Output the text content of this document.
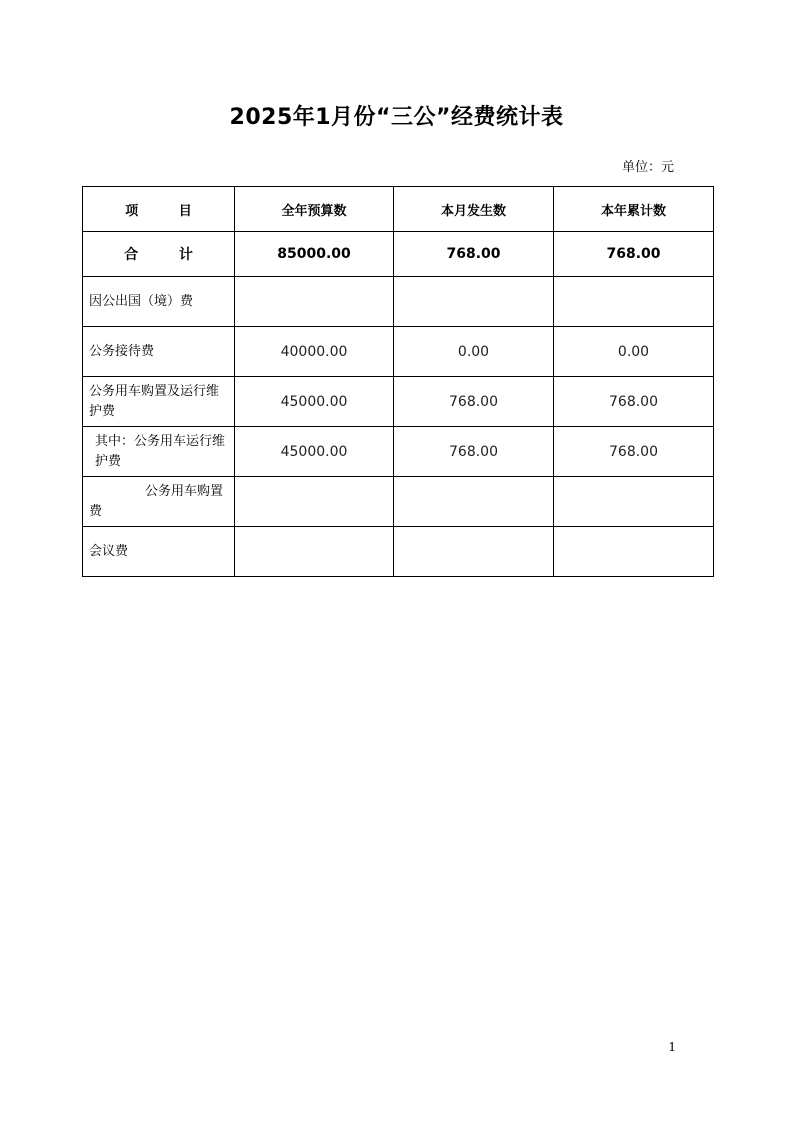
2025年1月份“三公”经费统计表
单位：元
项 目	全年预算数	本月发生数	本年累计数
合 计	85000.00	768.00	768.00
因公出国（境）费			
公务接待费	40000.00	0.00	0.00
公务用车购置及运行维护费	45000.00	768.00	768.00
其中：公务用车运行维护费	45000.00	768.00	768.00
公务用车购置费			
会议费			
1
